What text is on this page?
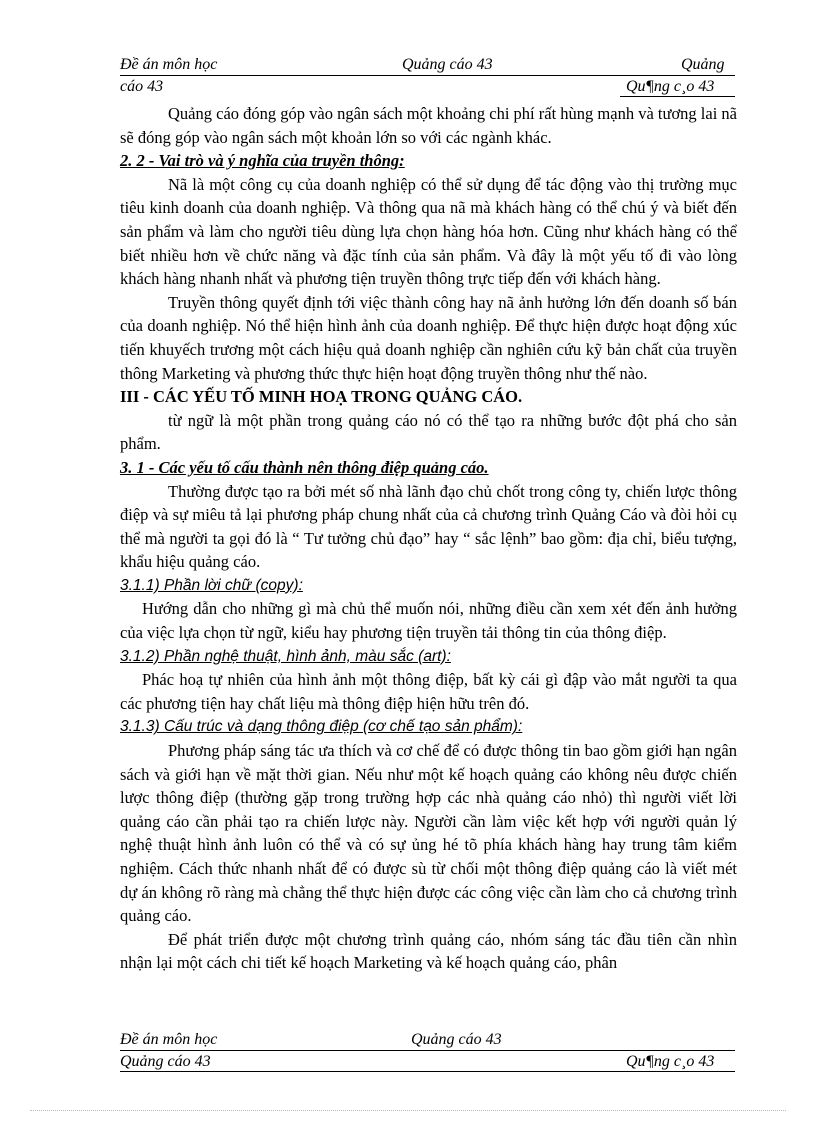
Đề án môn học	Quảng cáo 43	Quảng
cáo 43	Qu¶ng c¸o 43

Quảng cáo đóng góp vào ngân sách một khoảng chi phí rất hùng mạnh và tương lai nã sẽ đóng góp vào ngân sách một khoản lớn so với các ngành khác.

2. 2 - Vai trò và ý nghĩa của truyền thông:

Nã là một công cụ của doanh nghiệp có thể sử dụng để tác động vào thị trường mục tiêu kinh doanh của doanh nghiệp. Và thông qua nã mà khách hàng có thể chú ý và biết đến sản phẩm và làm cho người tiêu dùng lựa chọn hàng hóa hơn. Cũng như khách hàng có thể biết nhiều hơn về chức năng và đặc tính của sản phẩm. Và đây là một yếu tố đi vào lòng khách hàng nhanh nhất và phương tiện truyền thông trực tiếp đến với khách hàng.

Truyền thông quyết định tới việc thành công hay nã ảnh hưởng lớn đến doanh số bán của doanh nghiệp. Nó thể hiện hình ảnh của doanh nghiệp. Để thực hiện được hoạt động xúc tiến khuyếch trương một cách hiệu quả doanh nghiệp cần nghiên cứu kỹ bản chất của truyền thông Marketing và phương thức thực hiện hoạt động truyền thông như thế nào.

III - CÁC YẾU TỐ MINH HOẠ TRONG QUẢNG CÁO.

từ ngữ là một phần trong quảng cáo nó có thể tạo ra những bước đột phá cho sản phẩm.

3. 1 - Các yếu tố cấu thành nên thông điệp quảng cáo.

Thường được tạo ra bởi mét số nhà lãnh đạo chủ chốt trong công ty, chiến lược thông điệp và sự miêu tả lại phương pháp chung nhất của cả chương trình Quảng Cáo và đòi hỏi cụ thể mà người ta gọi đó là “ Tư tưởng chủ đạo” hay “ sắc lệnh” bao gồm: địa chỉ, biểu tượng, khẩu hiệu quảng cáo.

3.1.1) Phần lời chữ (copy):

Hướng dẫn cho những gì mà chủ thể muốn nói, những điều cần xem xét đến ảnh hưởng của việc lựa chọn từ ngữ, kiểu hay phương tiện truyền tải thông tin của thông điệp.

3.1.2) Phần nghệ thuật, hình ảnh, màu sắc (art):

Phác hoạ tự nhiên của hình ảnh một thông điệp, bất kỳ cái gì đập vào mắt người ta qua các phương tiện hay chất liệu mà thông điệp hiện hữu trên đó.

3.1.3) Cấu trúc và dạng thông điệp (cơ chế tạo sản phẩm):

Phương pháp sáng tác ưa thích và cơ chế để có được thông tin bao gồm giới hạn ngân sách và giới hạn về mặt thời gian. Nếu như một kế hoạch quảng cáo không nêu được chiến lược thông điệp (thường gặp trong trường hợp các nhà quảng cáo nhỏ) thì người viết lời quảng cáo cần phải tạo ra chiến lược này. Người cần làm việc kết hợp với người quản lý nghệ thuật hình ảnh luôn có thể và có sự ủng hé tõ phía khách hàng hay trung tâm kiểm nghiệm. Cách thức nhanh nhất để có được sù từ chối một thông điệp quảng cáo là viết mét dự án không rõ ràng mà chẳng thể thực hiện được các công việc cần làm cho cả chương trình quảng cáo.

Để phát triển được một chương trình quảng cáo, nhóm sáng tác đầu tiên cần nhìn nhận lại một cách chi tiết kế hoạch Marketing và kế hoạch quảng cáo, phân

Đề án môn học	Quảng cáo 43
Quảng cáo 43	Qu¶ng c¸o 43
